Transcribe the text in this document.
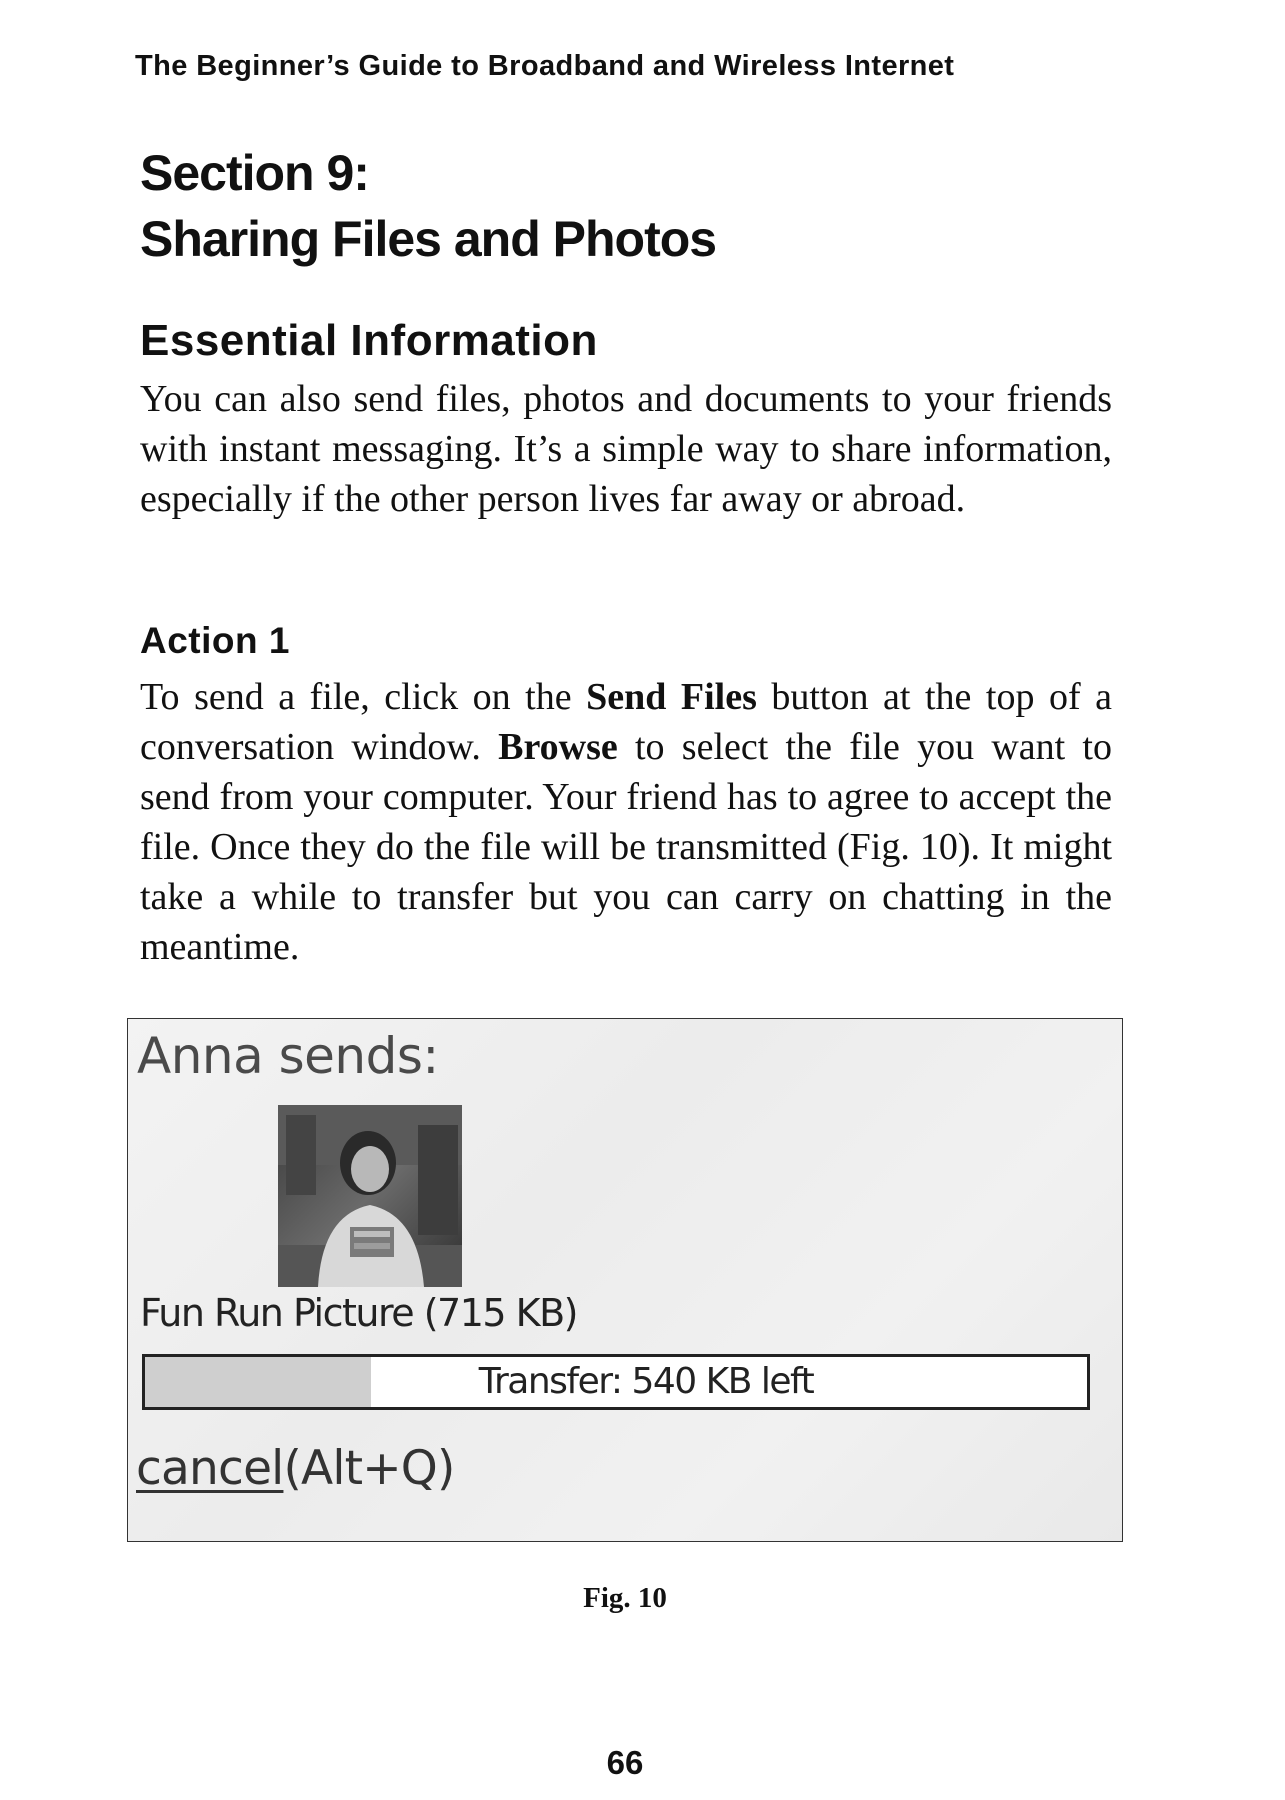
The Beginner’s Guide to Broadband and Wireless Internet
Section 9:
Sharing Files and Photos
Essential Information

You can also send files, photos and documents to your friends with instant messaging. It’s a simple way to share information, especially if the other person lives far away or abroad.

Action 1

To send a file, click on the Send Files button at the top of a conversation window. Browse to select the file you want to send from your computer. Your friend has to agree to accept the file. Once they do the file will be transmitted (Fig. 10). It might take a while to transfer but you can carry on chatting in the meantime.

Anna sends:
Fun Run Picture (715 KB)
Transfer: 540 KB left
cancel(Alt+Q)
Fig. 10
66
